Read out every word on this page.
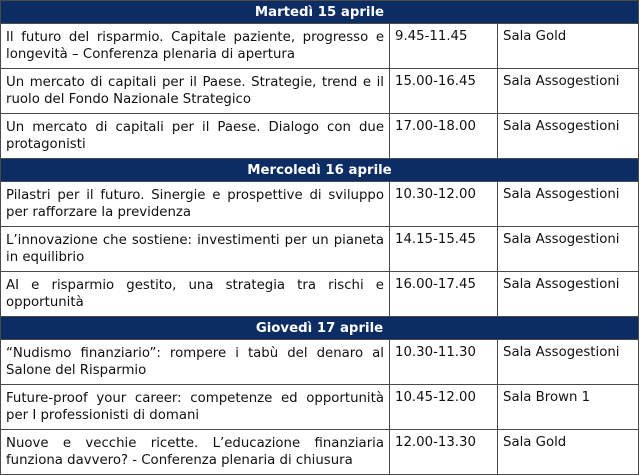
Martedì 15 aprile		
Il futuro del risparmio. Capitale paziente, progresso e longevità – Conferenza plenaria di apertura	9.45-11.45	Sala Gold
Un mercato di capitali per il Paese. Strategie, trend e il ruolo del Fondo Nazionale Strategico	15.00-16.45	Sala Assogestioni
Un mercato di capitali per il Paese. Dialogo con due protagonisti	17.00-18.00	Sala Assogestioni
Mercoledì 16 aprile		
Pilastri per il futuro. Sinergie e prospettive di sviluppo per rafforzare la previdenza	10.30-12.00	Sala Assogestioni
L’innovazione che sostiene: investimenti per un pianeta in equilibrio	14.15-15.45	Sala Assogestioni
AI e risparmio gestito, una strategia tra rischi e opportunità	16.00-17.45	Sala Assogestioni
Giovedì 17 aprile		
“Nudismo finanziario”: rompere i tabù del denaro al Salone del Risparmio	10.30-11.30	Sala Assogestioni
Future-proof your career: competenze ed opportunità per I professionisti di domani	10.45-12.00	Sala Brown 1
Nuove e vecchie ricette. L’educazione finanziaria funziona davvero? - Conferenza plenaria di chiusura	12.00-13.30	Sala Gold
